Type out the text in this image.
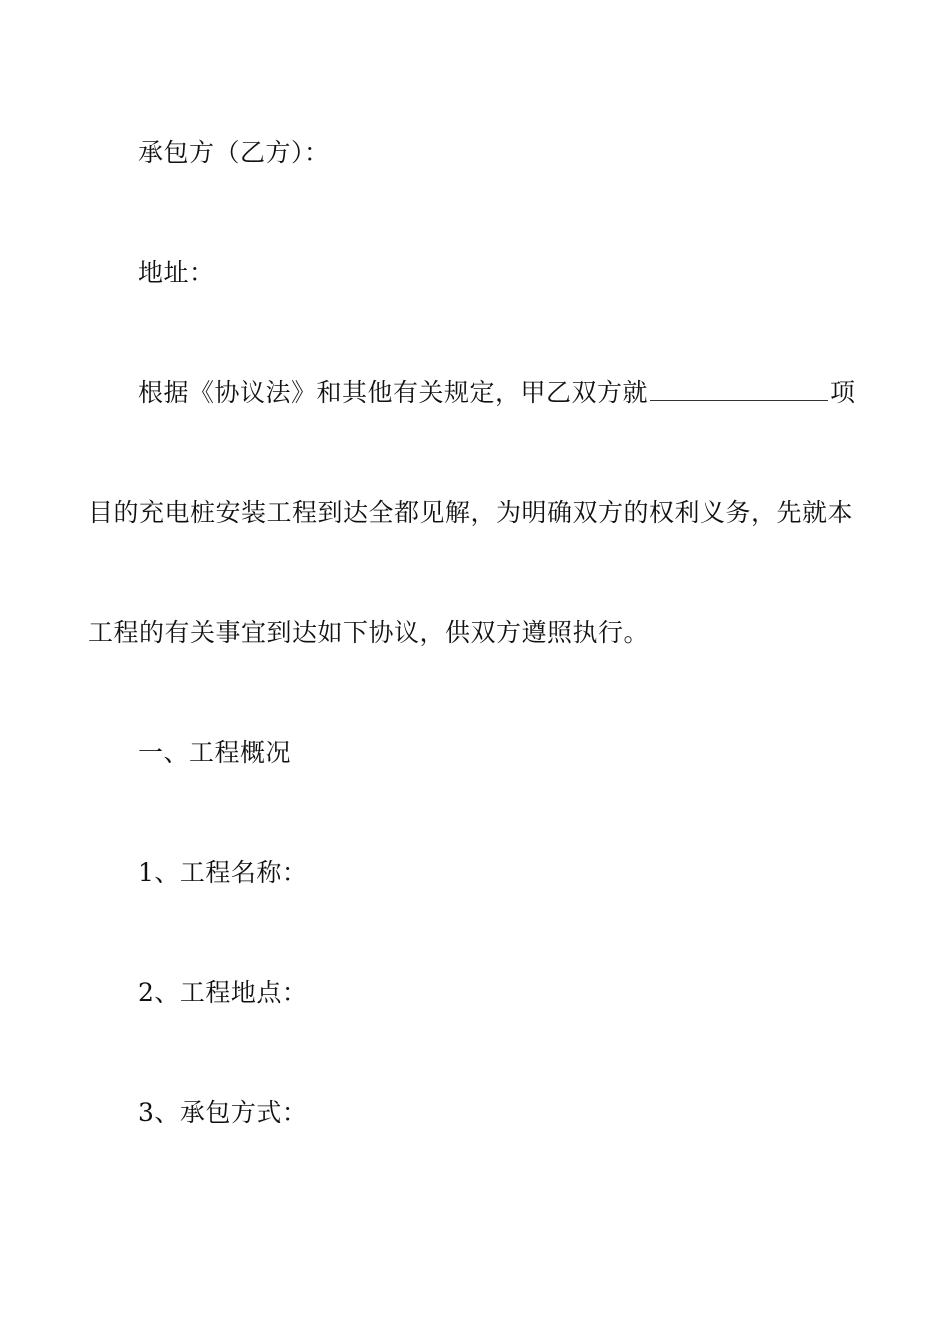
承包方（乙方）：
地址：
根据《协议法》和其他有关规定，甲乙双方就	项
目的充电桩安装工程到达全都见解，为明确双方的权利义务，先就本
工程的有关事宜到达如下协议，供双方遵照执行。
一、工程概况
1、工程名称：
2、工程地点：
3、承包方式：
